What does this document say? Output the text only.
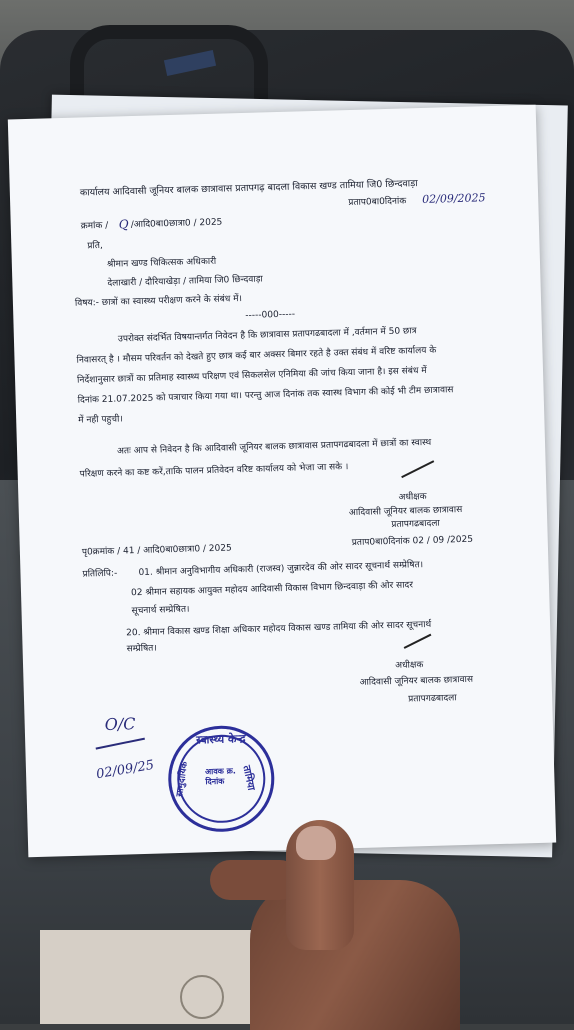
कार्यालय आदिवासी जूनियर बालक छात्रावास प्रतापगढ़ बादला विकास खण्ड तामिया जि0 छिन्दवाड़ा
प्रताप0बा0दिनांक 02/09/2025
क्रमांक / Q /आदि0बा0छात्रा0 / 2025
प्रति,
श्रीमान खण्ड चिकित्सक अधिकारी
देलाखारी / दौरियाखेड़ा / तामिया जि0 छिन्दवाड़ा
विषय:- छात्रों का स्वास्थ्य परीक्षण करने के संबंध में।
-----000-----
उपरोक्त संदर्भित विषयान्तर्गत निवेदन है कि छात्रावास प्रतापगढबादला में ,वर्तमान में 50 छात्र
निवासरत् है । मौसम परिवर्तन को देखते हुए छात्र कई बार अक्सर बिमार रहते है उक्त संबंध में वरिष्ट कार्यालय के
निर्देशानुसार छात्रों का प्रतिमाह स्वास्थ्य परिक्षण एवं सिकलसेल एनिमिया की जांच किया जाना है। इस संबंध में
दिनांक 21.07.2025 को पत्राचार किया गया था। परन्तु आज दिनांक तक स्वास्थ विभाग की कोई भी टीम छात्रावास
में नही पहुची।
अतः आप से निवेदन है कि आदिवासी जूनियर बालक छात्रावास प्रतापगढबादला में छात्रों का स्वास्थ
परिक्षण करने का कष्ट करें,ताकि पालन प्रतिवेदन वरिष्ट कार्यालय को भेजा जा सके ।
अधीक्षक
आदिवासी जूनियर बालक छात्रावास
प्रतापगढबादला
पृ0क्रमांक / 41 / आदि0बा0छात्रा0 / 2025
प्रताप0बा0दिनांक 02 / 09 /2025
प्रतिलिपि:- 01. श्रीमान अनुविभागीय अधिकारी (राजस्व) जुन्नारदेव की ओर सादर सूचनार्थ सम्प्रेषित।
02 श्रीमान सहायक आयुक्त महोदय आदिवासी विकास विभाग छिन्दवाड़ा की ओर सादर
सूचनार्थ सम्प्रेषित।
20. श्रीमान विकास खण्ड शिक्षा अधिकार महोदय विकास खण्ड तामिया की ओर सादर सूचनार्थ
सम्प्रेषित।
अधीक्षक
आदिवासी जूनियर बालक छात्रावास
प्रतापगढबादला
O/C
02/09/25
स्वास्थ्य केन्द्र
तामिया
सामुदायिक आवक क्र.
दिनांक
